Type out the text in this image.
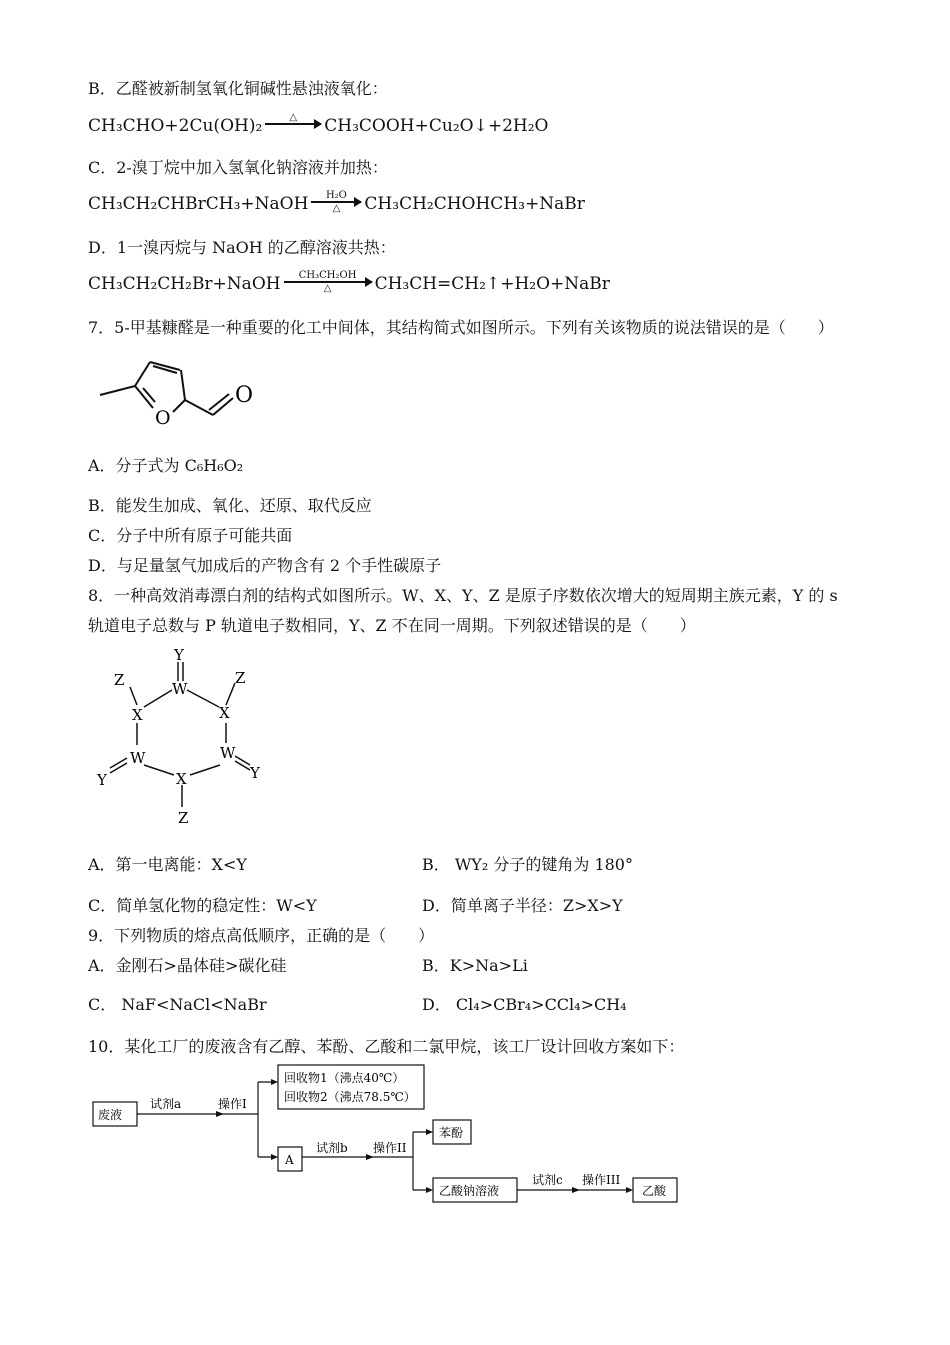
B．乙醛被新制氢氧化铜碱性悬浊液氧化：
CH₃CHO+2Cu(OH)₂	△
CH₃COOH+Cu₂O↓+2H₂O
C．2-溴丁烷中加入氢氧化钠溶液并加热：
CH₃CH₂CHBrCH₃+NaOH H₂O
△ CH₃CH₂CHOHCH₃+NaBr
D．1一溴丙烷与 NaOH 的乙醇溶液共热：
CH₃CH₂CH₂Br+NaOH CH₃CH₂OH
△	CH₃CH=CH₂↑+H₂O+NaBr
7．5-甲基糠醛是一种重要的化工中间体，其结构简式如图所示。下列有关该物质的说法错误的是（　　）
O
O
A．分子式为 C₆H₆O₂
B．能发生加成、氧化、还原、取代反应
C．分子中所有原子可能共面
D．与足量氢气加成后的产物含有 2 个手性碳原子
8．一种高效消毒漂白剂的结构式如图所示。W、X、Y、Z 是原子序数依次增大的短周期主族元素，Y 的 s
轨道电子总数与 P 轨道电子数相同，Y、Z 不在同一周期。下列叙述错误的是（　　）
Y
W
Z	Z
X	X
W	W
Y	Y
X
Z
A．第一电离能：X<Y	B． WY₂ 分子的键角为 180°
C．简单氢化物的稳定性：W<Y	D．简单离子半径：Z>X>Y
9．下列物质的熔点高低顺序，正确的是（　　）
A．金刚石>晶体硅>碳化硅	B．K>Na>Li
C． NaF<NaCl<NaBr	D． Cl₄>CBr₄>CCl₄>CH₄
10．某化工厂的废液含有乙醇、苯酚、乙酸和二氯甲烷，该工厂设计回收方案如下：
废液
试剂a	操作I
回收物1（沸点40℃）
回收物2（沸点78.5℃）
A
试剂b 操作II
苯酚
乙酸钠溶液
试剂c 操作III
乙酸
